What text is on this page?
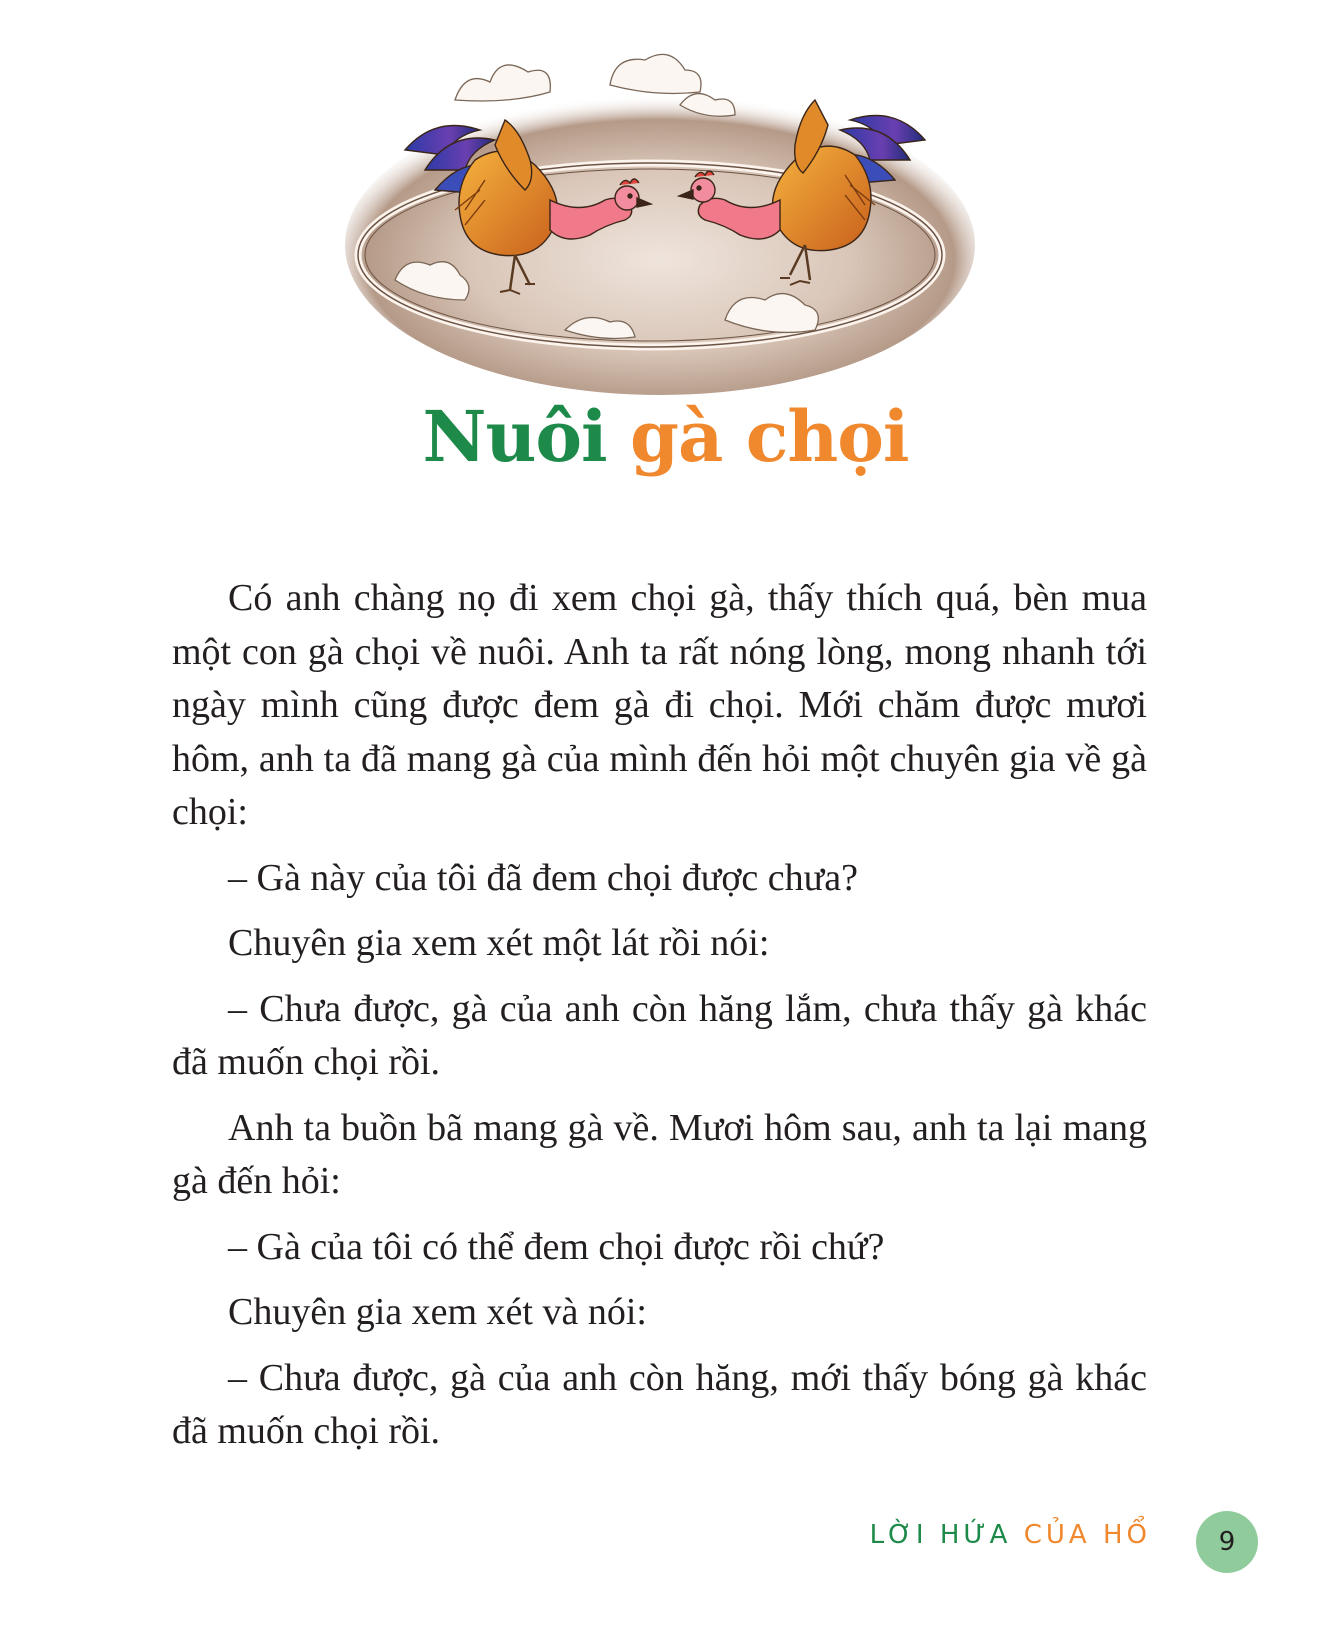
Nuôi gà chọi

Có anh chàng nọ đi xem chọi gà, thấy thích quá, bèn mua một con gà chọi về nuôi. Anh ta rất nóng lòng, mong nhanh tới ngày mình cũng được đem gà đi chọi. Mới chăm được mươi hôm, anh ta đã mang gà của mình đến hỏi một chuyên gia về gà chọi:

– Gà này của tôi đã đem chọi được chưa?

Chuyên gia xem xét một lát rồi nói:

– Chưa được, gà của anh còn hăng lắm, chưa thấy gà khác đã muốn chọi rồi.

Anh ta buồn bã mang gà về. Mươi hôm sau, anh ta lại mang gà đến hỏi:

– Gà của tôi có thể đem chọi được rồi chứ?

Chuyên gia xem xét và nói:

– Chưa được, gà của anh còn hăng, mới thấy bóng gà khác đã muốn chọi rồi.

LỜI HỨA CỦA HỔ	9
